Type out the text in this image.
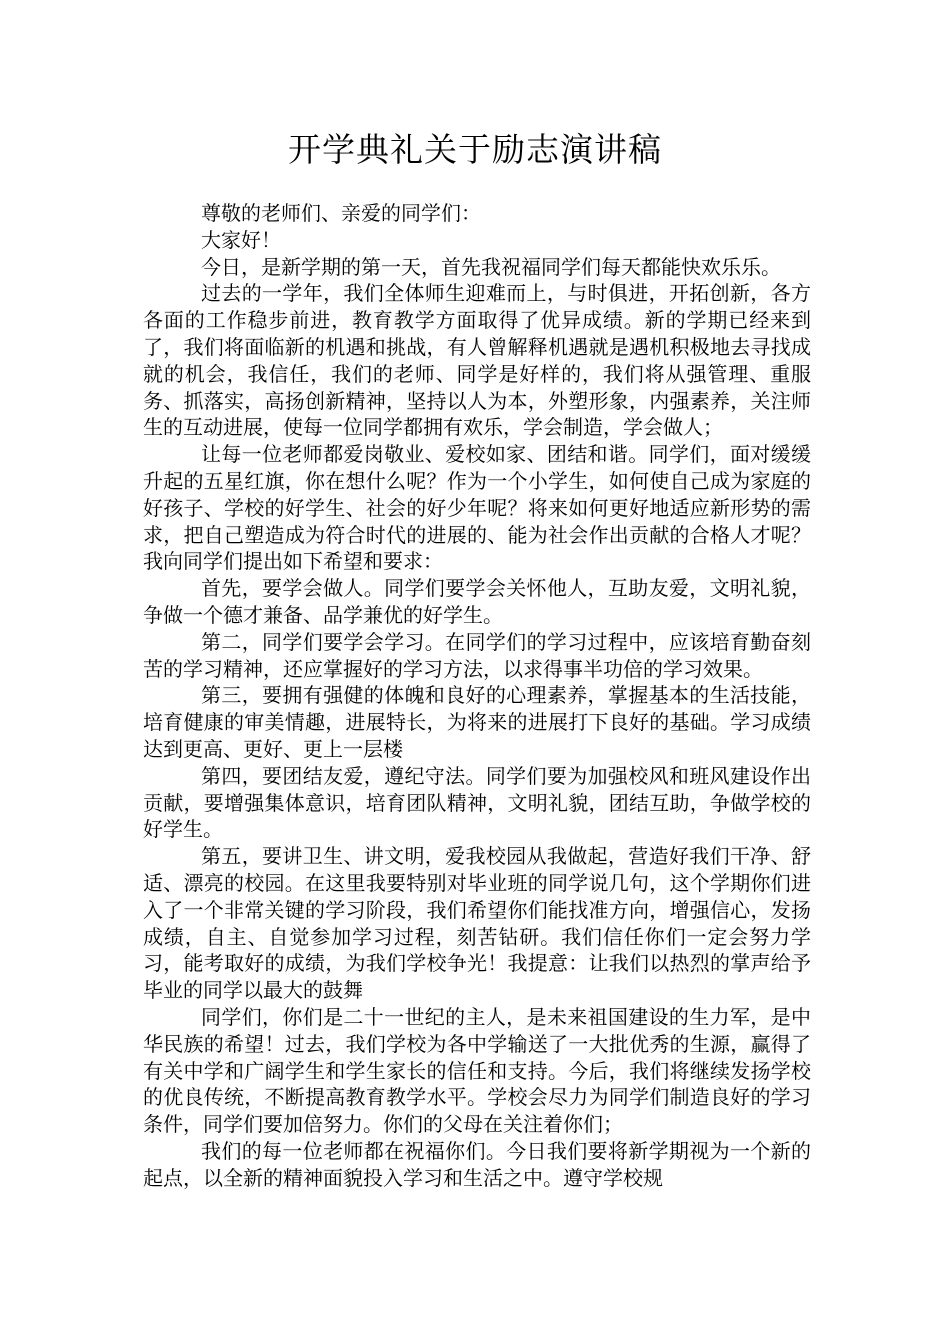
开学典礼关于励志演讲稿

尊敬的老师们、亲爱的同学们：

大家好！

今日，是新学期的第一天，首先我祝福同学们每天都能快欢乐乐。

过去的一学年，我们全体师生迎难而上，与时俱进，开拓创新，各方各面的工作稳步前进，教育教学方面取得了优异成绩。新的学期已经来到了，我们将面临新的机遇和挑战，有人曾解释机遇就是遇机积极地去寻找成就的机会，我信任，我们的老师、同学是好样的，我们将从强管理、重服务、抓落实，高扬创新精神，坚持以人为本，外塑形象，内强素养，关注师生的互动进展，使每一位同学都拥有欢乐，学会制造，学会做人；

让每一位老师都爱岗敬业、爱校如家、团结和谐。同学们，面对缓缓升起的五星红旗，你在想什么呢？作为一个小学生，如何使自己成为家庭的好孩子、学校的好学生、社会的好少年呢？将来如何更好地适应新形势的需求，把自己塑造成为符合时代的进展的、能为社会作出贡献的合格人才呢？我向同学们提出如下希望和要求：

首先，要学会做人。同学们要学会关怀他人，互助友爱，文明礼貌，争做一个德才兼备、品学兼优的好学生。

第二，同学们要学会学习。在同学们的学习过程中，应该培育勤奋刻苦的学习精神，还应掌握好的学习方法，以求得事半功倍的学习效果。

第三，要拥有强健的体魄和良好的心理素养，掌握基本的生活技能，培育健康的审美情趣，进展特长，为将来的进展打下良好的基础。学习成绩达到更高、更好、更上一层楼

第四，要团结友爱，遵纪守法。同学们要为加强校风和班风建设作出贡献，要增强集体意识，培育团队精神，文明礼貌，团结互助，争做学校的好学生。

第五，要讲卫生、讲文明，爱我校园从我做起，营造好我们干净、舒适、漂亮的校园。在这里我要特别对毕业班的同学说几句，这个学期你们进入了一个非常关键的学习阶段，我们希望你们能找准方向，增强信心，发扬成绩，自主、自觉参加学习过程，刻苦钻研。我们信任你们一定会努力学习，能考取好的成绩，为我们学校争光！我提意：让我们以热烈的掌声给予毕业的同学以最大的鼓舞

同学们，你们是二十一世纪的主人，是未来祖国建设的生力军，是中华民族的希望！过去，我们学校为各中学输送了一大批优秀的生源，赢得了有关中学和广阔学生和学生家长的信任和支持。今后，我们将继续发扬学校的优良传统，不断提高教育教学水平。学校会尽力为同学们制造良好的学习条件，同学们要加倍努力。你们的父母在关注着你们；

我们的每一位老师都在祝福你们。今日我们要将新学期视为一个新的起点，以全新的精神面貌投入学习和生活之中。遵守学校规
